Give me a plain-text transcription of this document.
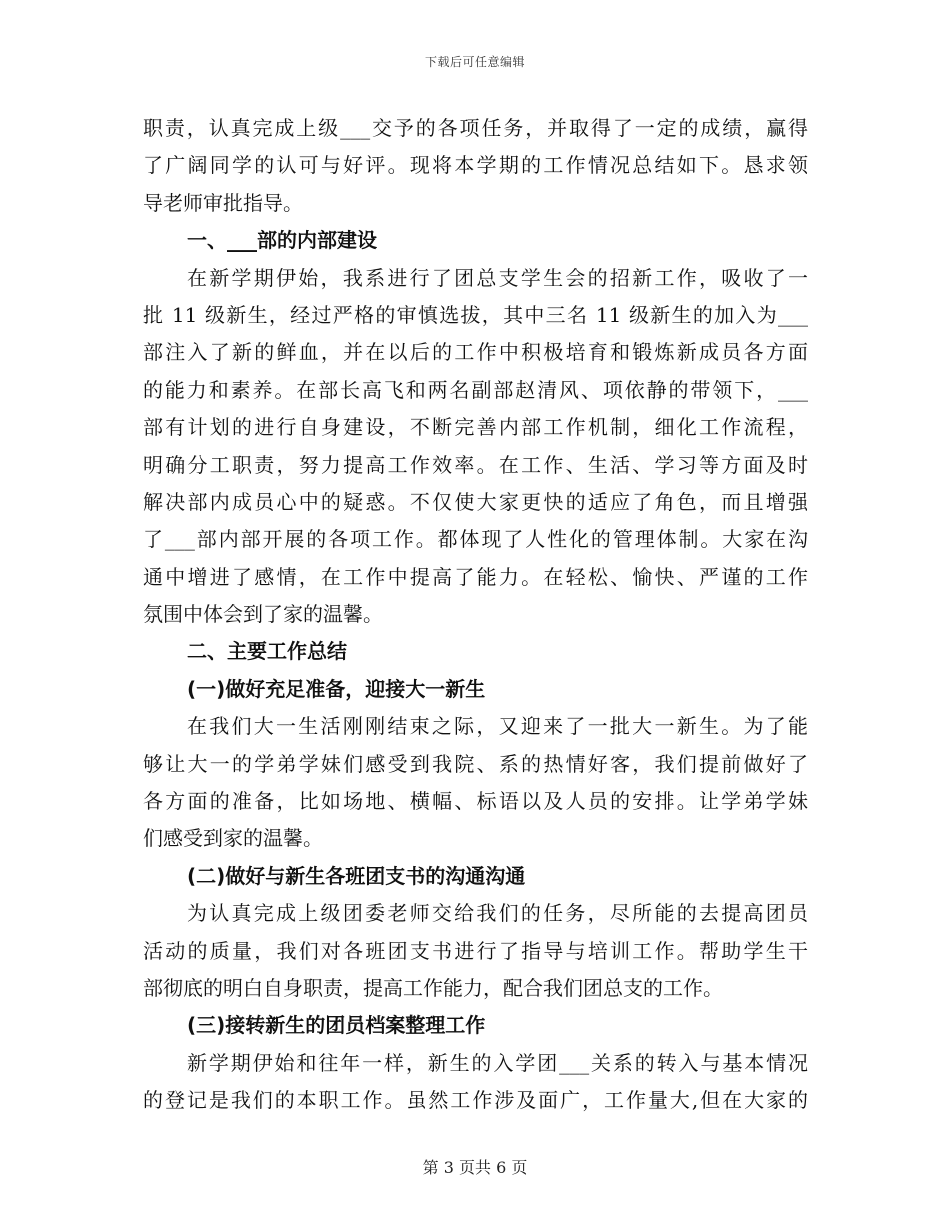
下载后可任意编辑
职责，认真完成上级___交予的各项任务，并取得了一定的成绩，赢得
了广阔同学的认可与好评。现将本学期的工作情况总结如下。恳求领
导老师审批指导。
一、___部的内部建设
在新学期伊始，我系进行了团总支学生会的招新工作，吸收了一
批 11 级新生，经过严格的审慎选拔，其中三名 11 级新生的加入为___
部注入了新的鲜血，并在以后的工作中积极培育和锻炼新成员各方面
的能力和素养。在部长高飞和两名副部赵清风、项依静的带领下，___
部有计划的进行自身建设，不断完善内部工作机制，细化工作流程，
明确分工职责，努力提高工作效率。在工作、生活、学习等方面及时
解决部内成员心中的疑惑。不仅使大家更快的适应了角色，而且增强
了___部内部开展的各项工作。都体现了人性化的管理体制。大家在沟
通中增进了感情，在工作中提高了能力。在轻松、愉快、严谨的工作
氛围中体会到了家的温馨。
二、主要工作总结
(一)做好充足准备，迎接大一新生
在我们大一生活刚刚结束之际，又迎来了一批大一新生。为了能
够让大一的学弟学妹们感受到我院、系的热情好客，我们提前做好了
各方面的准备，比如场地、横幅、标语以及人员的安排。让学弟学妹
们感受到家的温馨。
(二)做好与新生各班团支书的沟通沟通
为认真完成上级团委老师交给我们的任务，尽所能的去提高团员
活动的质量，我们对各班团支书进行了指导与培训工作。帮助学生干
部彻底的明白自身职责，提高工作能力，配合我们团总支的工作。
(三)接转新生的团员档案整理工作
新学期伊始和往年一样，新生的入学团___关系的转入与基本情况
的登记是我们的本职工作。虽然工作涉及面广，工作量大,但在大家的
第 3 页共 6 页
